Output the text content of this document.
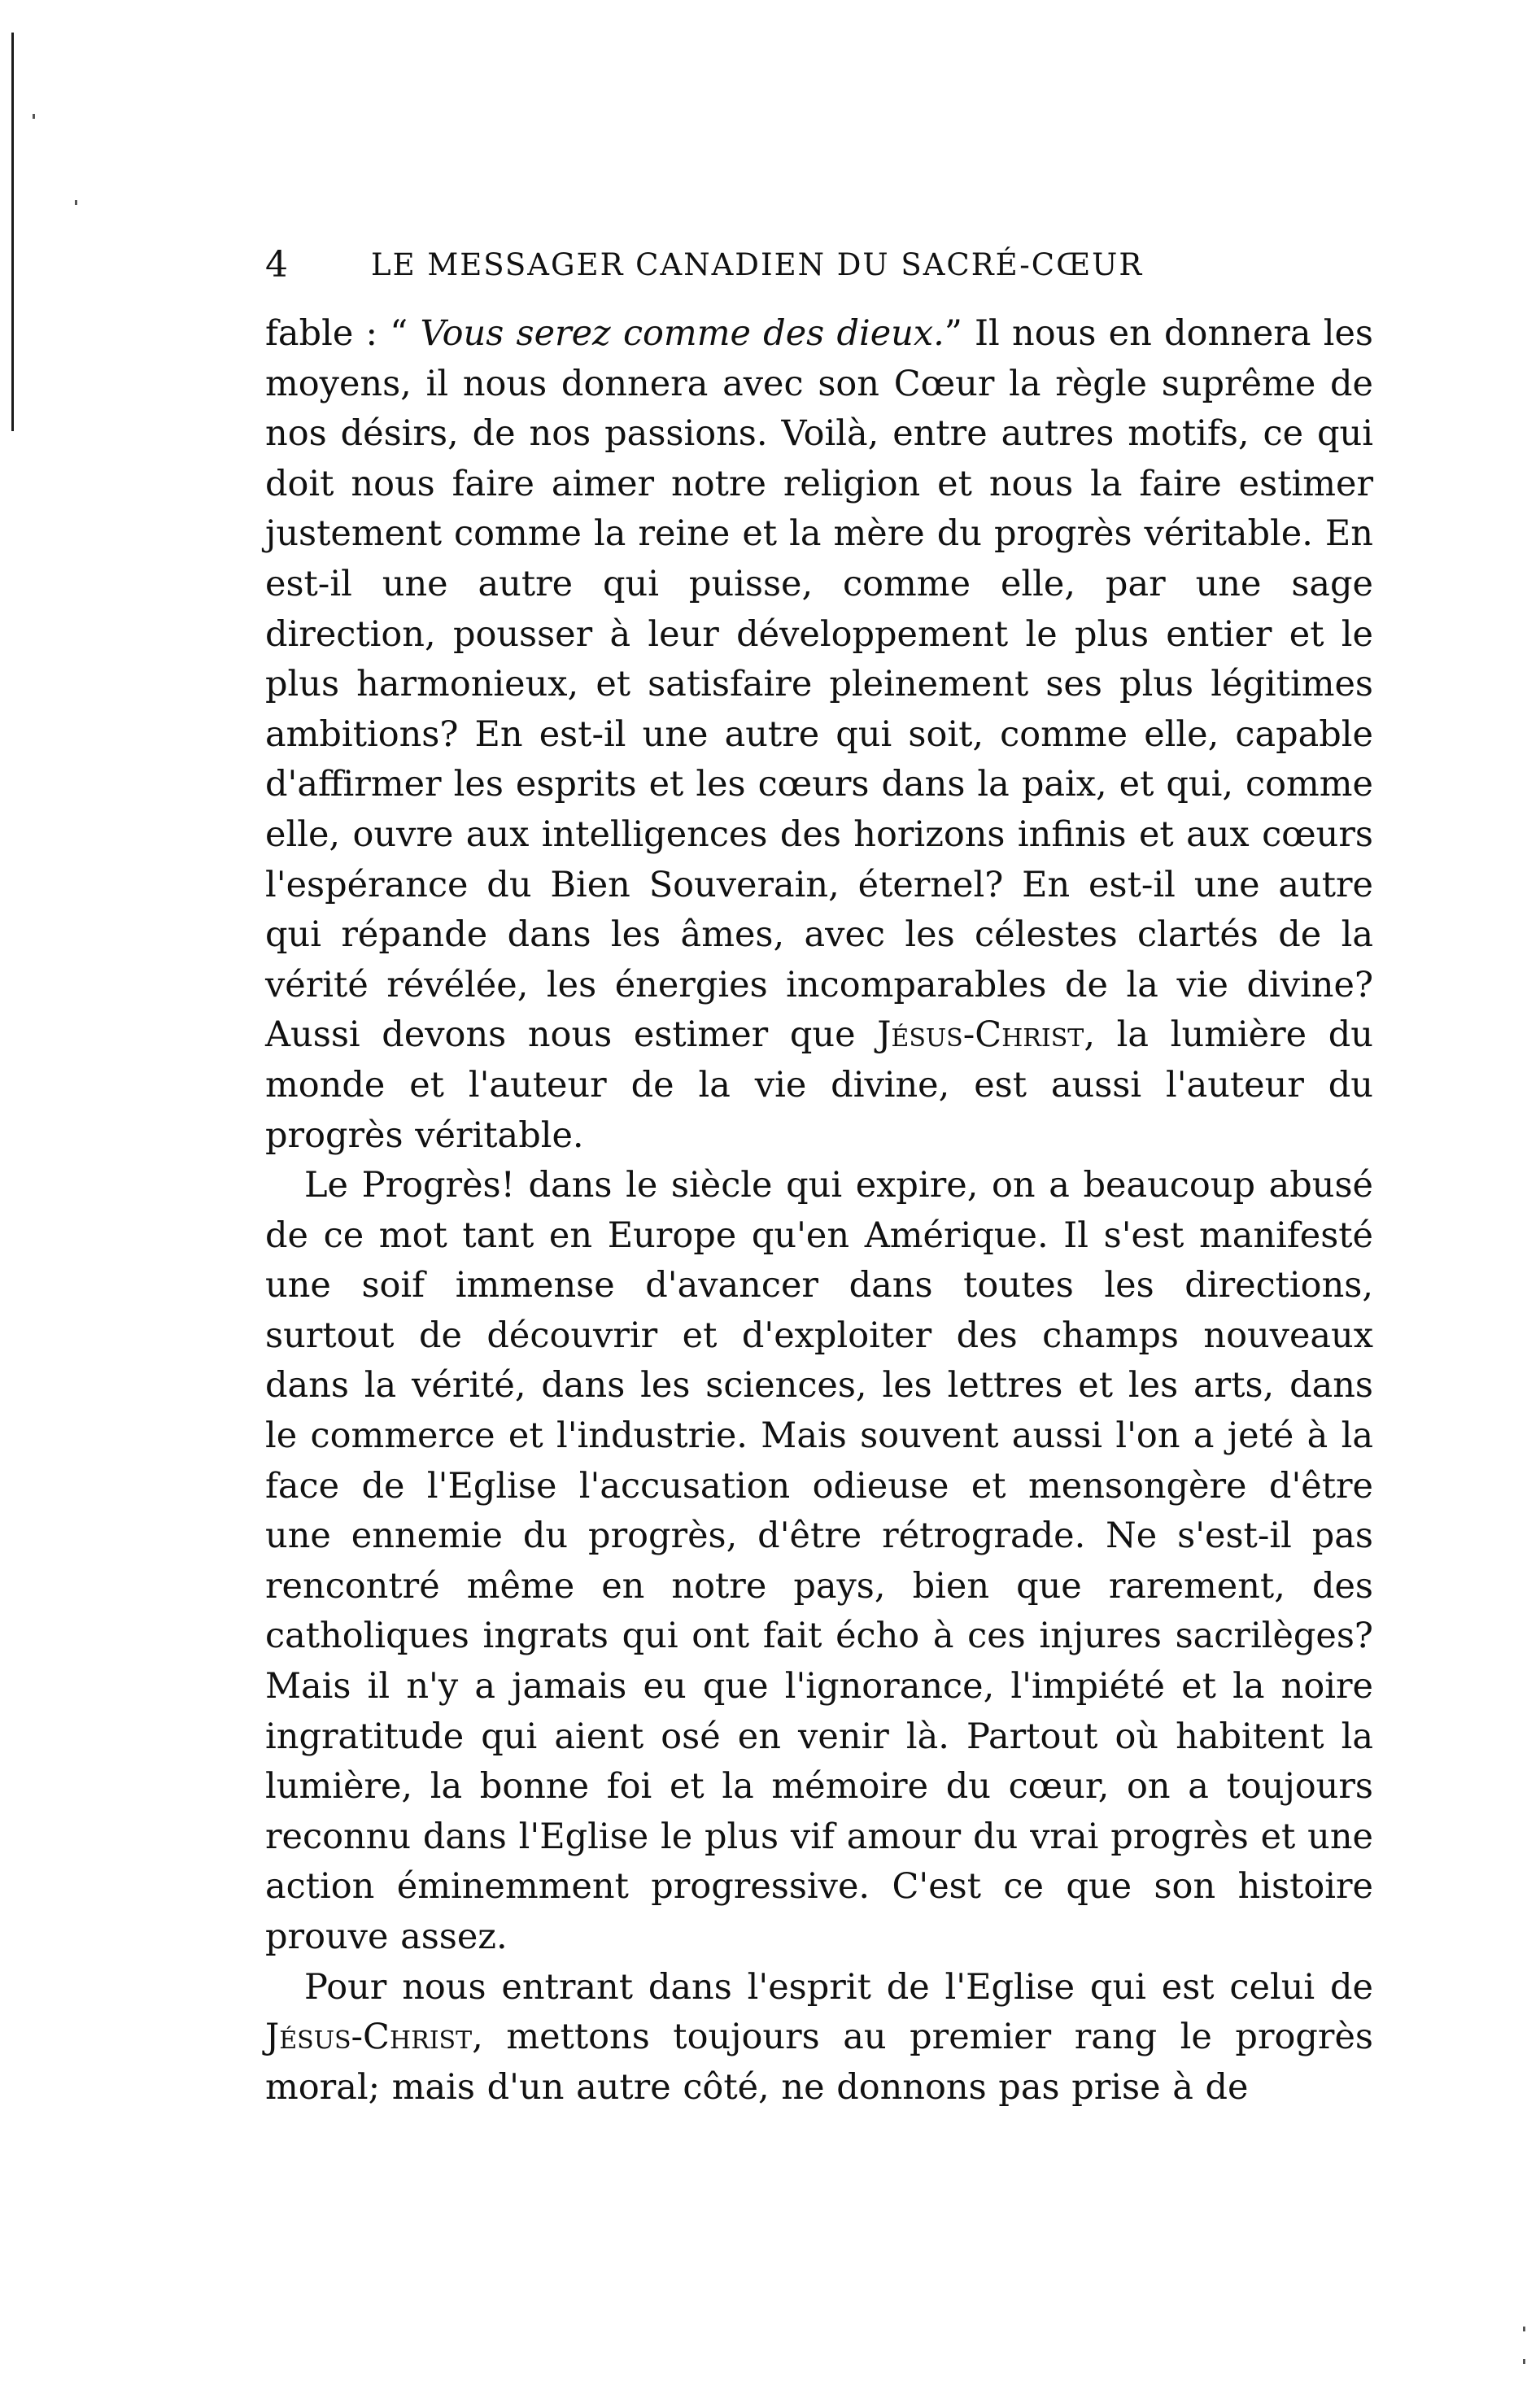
4	LE MESSAGER CANADIEN DU SACRÉ-CŒUR

fable : “ Vous serez comme des dieux.” Il nous en donnera les moyens, il nous donnera avec son Cœur la règle suprême de nos désirs, de nos passions. Voilà, entre autres motifs, ce qui doit nous faire aimer notre religion et nous la faire estimer justement comme la reine et la mère du progrès véritable. En est-il une autre qui puisse, comme elle, par une sage direction, pousser à leur développement le plus entier et le plus harmonieux, et satisfaire pleinement ses plus légitimes ambitions? En est-il une autre qui soit, comme elle, capable d'affirmer les esprits et les cœurs dans la paix, et qui, comme elle, ouvre aux intelligences des horizons infinis et aux cœurs l'espérance du Bien Souverain, éternel? En est-il une autre qui répande dans les âmes, avec les célestes clartés de la vérité révélée, les énergies incomparables de la vie divine? Aussi devons nous estimer que Jésus-Christ, la lumière du monde et l'auteur de la vie divine, est aussi l'auteur du progrès véritable.

Le Progrès! dans le siècle qui expire, on a beaucoup abusé de ce mot tant en Europe qu'en Amérique. Il s'est manifesté une soif immense d'avancer dans toutes les directions, surtout de découvrir et d'exploiter des champs nouveaux dans la vérité, dans les sciences, les lettres et les arts, dans le commerce et l'industrie. Mais souvent aussi l'on a jeté à la face de l'Eglise l'accusation odieuse et mensongère d'être une ennemie du progrès, d'être rétrograde. Ne s'est-il pas rencontré même en notre pays, bien que rarement, des catholiques ingrats qui ont fait écho à ces injures sacrilèges? Mais il n'y a jamais eu que l'ignorance, l'impiété et la noire ingratitude qui aient osé en venir là. Partout où habitent la lumière, la bonne foi et la mémoire du cœur, on a toujours reconnu dans l'Eglise le plus vif amour du vrai progrès et une action éminemment progressive. C'est ce que son histoire prouve assez.

Pour nous entrant dans l'esprit de l'Eglise qui est celui de Jésus-Christ, mettons toujours au premier rang le progrès moral; mais d'un autre côté, ne donnons pas prise à de
